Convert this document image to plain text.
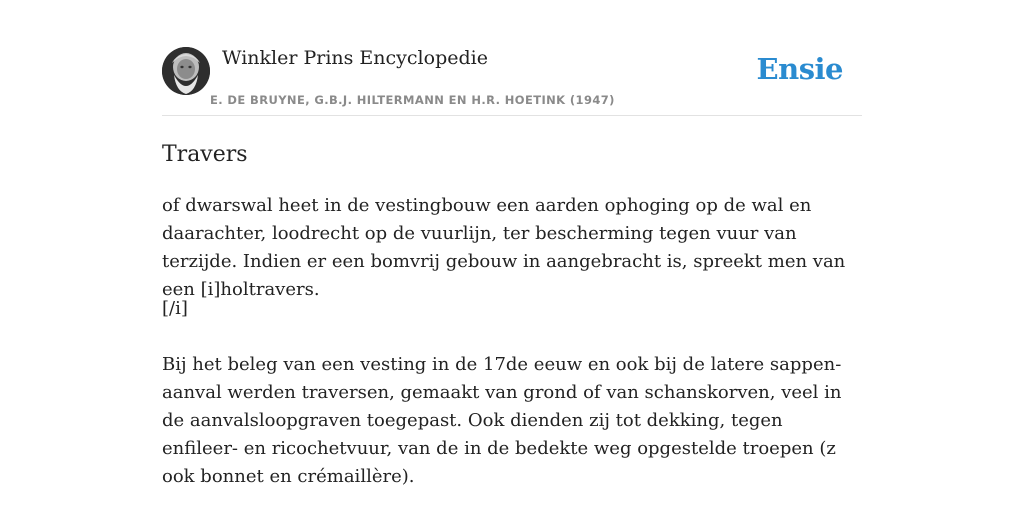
Winkler Prins Encyclopedie
E. DE BRUYNE, G.B.J. HILTERMANN EN H.R. HOETINK (1947)
Ensie
Travers

of dwarswal heet in de vestingbouw een aarden ophoging op de wal en daarachter, loodrecht op de vuurlijn, ter bescherming tegen vuur van terzijde. Indien er een bomvrij gebouw in aangebracht is, spreekt men van een [i]holtravers.

[/i]

Bij het beleg van een vesting in de 17de eeuw en ook bij de latere sappen-aanval werden traversen, gemaakt van grond of van schanskorven, veel in de aanvalsloopgraven toegepast. Ook dienden zij tot dekking, tegen enfileer- en ricochetvuur, van de in de bedekte weg opgestelde troepen (z ook bonnet en crémaillère).
